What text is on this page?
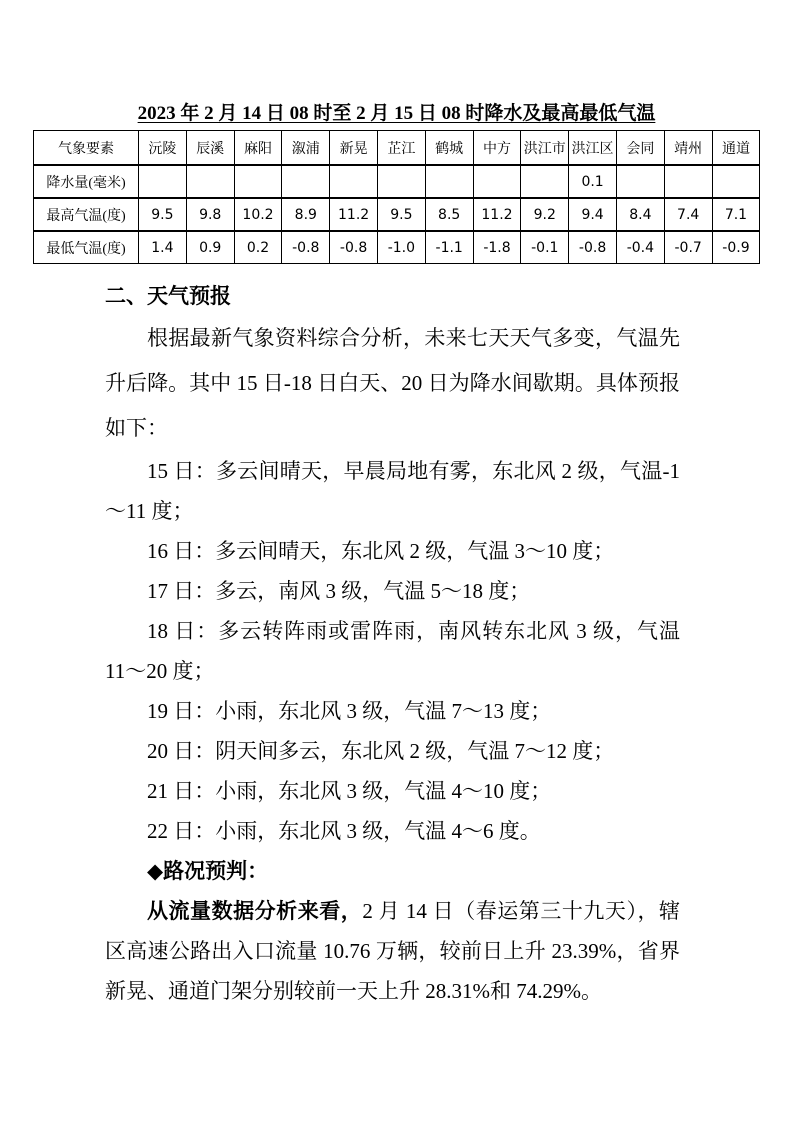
2023 年 2 月 14 日 08 时至 2 月 15 日 08 时降水及最高最低气温
气象要素	沅陵	辰溪	麻阳	溆浦	新晃	芷江	鹤城	中方	洪江市	洪江区	会同	靖州	通道
降水量(毫米)										0.1			
最高气温(度)	9.5	9.8	10.2	8.9	11.2	9.5	8.5	11.2	9.2	9.4	8.4	7.4	7.1
最低气温(度)	1.4	0.9	0.2	-0.8	-0.8	-1.0	-1.1	-1.8	-0.1	-0.8	-0.4	-0.7	-0.9

二、天气预报

根据最新气象资料综合分析，未来七天天气多变，气温先升后降。其中 15 日-18 日白天、20 日为降水间歇期。具体预报如下：

15 日：多云间晴天，早晨局地有雾，东北风 2 级，气温-1～11 度；

16 日：多云间晴天，东北风 2 级，气温 3～10 度；

17 日：多云，南风 3 级，气温 5～18 度；

18 日：多云转阵雨或雷阵雨，南风转东北风 3 级，气温 11～20 度；

19 日：小雨，东北风 3 级，气温 7～13 度；

20 日：阴天间多云，东北风 2 级，气温 7～12 度；

21 日：小雨，东北风 3 级，气温 4～10 度；

22 日：小雨，东北风 3 级，气温 4～6 度。

◆路况预判：

从流量数据分析来看，2 月 14 日（春运第三十九天），辖区高速公路出入口流量 10.76 万辆，较前日上升 23.39%，省界新晃、通道门架分别较前一天上升 28.31%和 74.29%。
